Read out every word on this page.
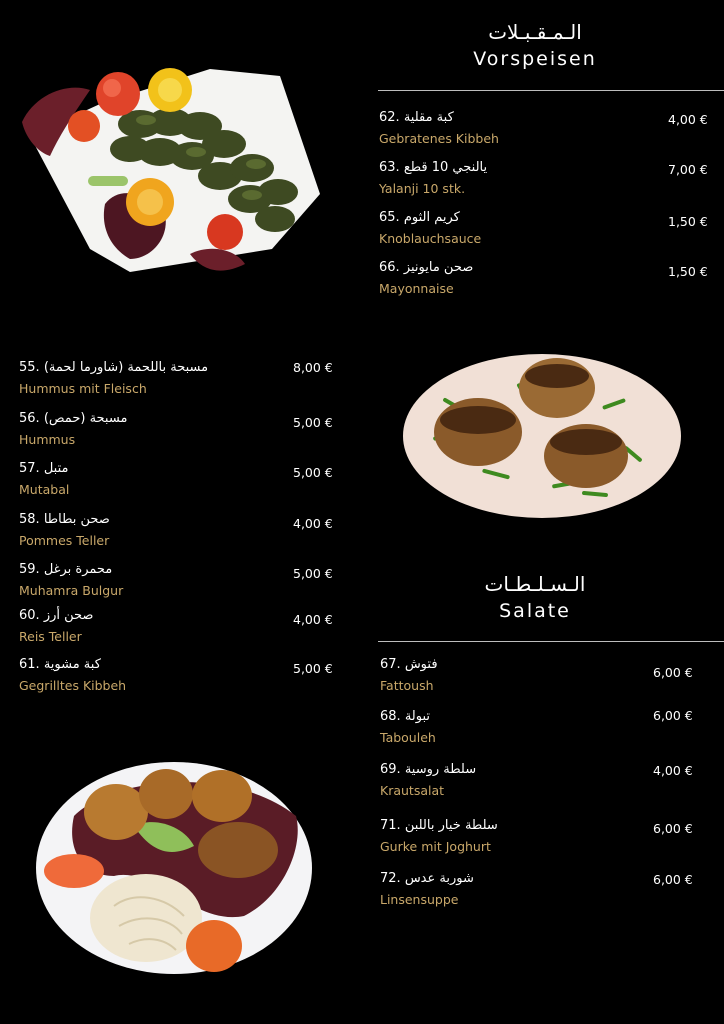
الـمـقـبـلات
Vorspeisen
الـسـلـطـات
Salate
62. كبة مقلية
Gebratenes Kibbeh
4,00 €
63. يالنجي 10 قطع
Yalanji 10 stk.
7,00 €
65. كريم الثوم
Knoblauchsauce
1,50 €
66. صحن مايونيز
Mayonnaise
1,50 €
55. مسبحة باللحمة (شاورما لحمة)
Hummus mit Fleisch
8,00 €
56. مسبحة (حمص)
Hummus
5,00 €
57. متبل
Mutabal
5,00 €
58. صحن بطاطا
Pommes Teller
4,00 €
59. محمرة برغل
Muhamra Bulgur
5,00 €
60. صحن أرز
Reis Teller
4,00 €
61. كبة مشوية
Gegrilltes Kibbeh
5,00 €	67. فتوش
Fattoush
6,00 €
68. تبولة
Tabouleh
6,00 €
69. سلطة روسية
Krautsalat
4,00 €
71. سلطة خيار باللبن
Gurke mit Joghurt
6,00 €
72. شوربة عدس
Linsensuppe
6,00 €
